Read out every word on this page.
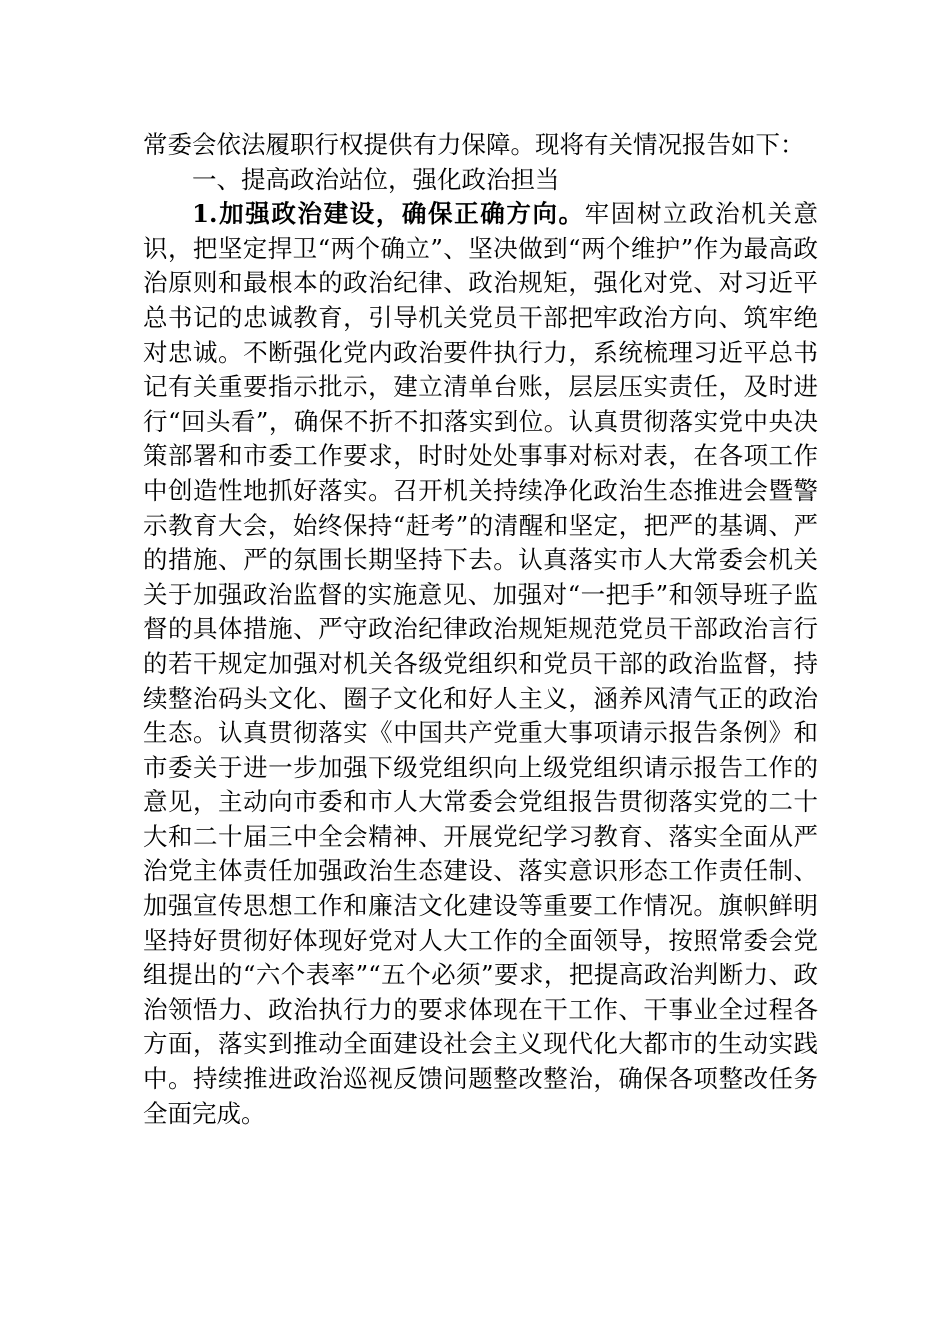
常委会依法履职行权提供有力保障。现将有关情况报告如下：

一、提高政治站位，强化政治担当

1.加强政治建设，确保正确方向。牢固树立政治机关意识，把坚定捍卫“两个确立”、坚决做到“两个维护”作为最高政治原则和最根本的政治纪律、政治规矩，强化对党、对习近平总书记的忠诚教育，引导机关党员干部把牢政治方向、筑牢绝对忠诚。不断强化党内政治要件执行力，系统梳理习近平总书记有关重要指示批示，建立清单台账，层层压实责任，及时进行“回头看”，确保不折不扣落实到位。认真贯彻落实党中央决策部署和市委工作要求，时时处处事事对标对表，在各项工作中创造性地抓好落实。召开机关持续净化政治生态推进会暨警示教育大会，始终保持“赶考”的清醒和坚定，把严的基调、严的措施、严的氛围长期坚持下去。认真落实市人大常委会机关关于加强政治监督的实施意见、加强对“一把手”和领导班子监督的具体措施、严守政治纪律政治规矩规范党员干部政治言行的若干规定加强对机关各级党组织和党员干部的政治监督，持续整治码头文化、圈子文化和好人主义，涵养风清气正的政治生态。认真贯彻落实《中国共产党重大事项请示报告条例》和市委关于进一步加强下级党组织向上级党组织请示报告工作的意见，主动向市委和市人大常委会党组报告贯彻落实党的二十大和二十届三中全会精神、开展党纪学习教育、落实全面从严治党主体责任加强政治生态建设、落实意识形态工作责任制、加强宣传思想工作和廉洁文化建设等重要工作情况。旗帜鲜明坚持好贯彻好体现好党对人大工作的全面领导，按照常委会党组提出的“六个表率”“五个必须”要求，把提高政治判断力、政治领悟力、政治执行力的要求体现在干工作、干事业全过程各方面，落实到推动全面建设社会主义现代化大都市的生动实践中。持续推进政治巡视反馈问题整改整治，确保各项整改任务全面完成。
